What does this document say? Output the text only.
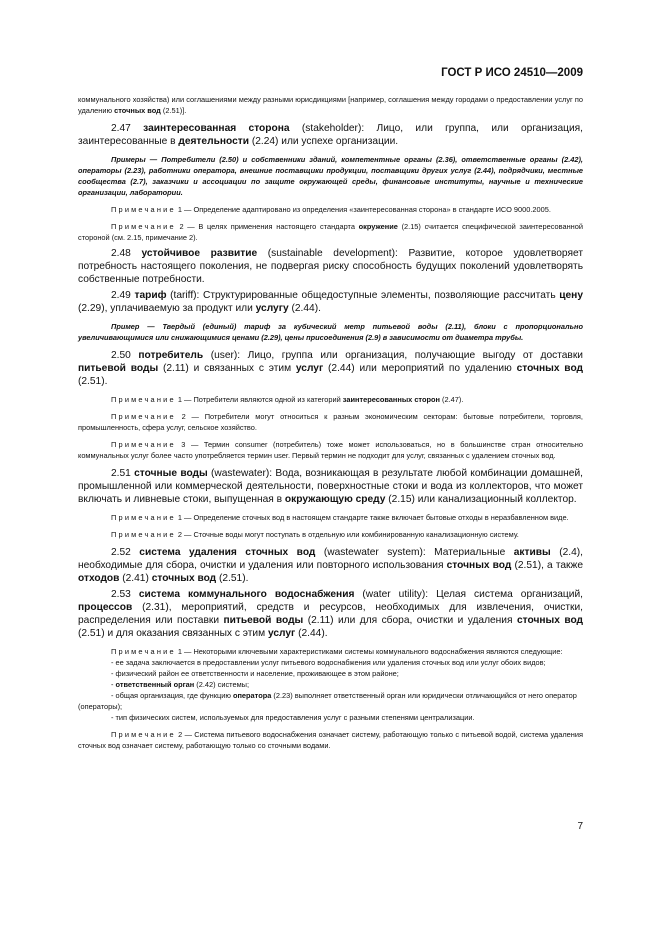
ГОСТ Р ИСО 24510—2009

коммунального хозяйства) или соглашениями между разными юрисдикциями [например, соглашения между городами о предоставлении услуг по удалению сточных вод (2.51)].

2.47 заинтересованная сторона (stakeholder): Лицо, или группа, или организация, заинтересованные в деятельности (2.24) или успехе организации.

Примеры — Потребители (2.50) и собственники зданий, компетентные органы (2.36), ответственные органы (2.42), операторы (2.23), работники оператора, внешние поставщики продукции, поставщики других услуг (2.44), подрядчики, местные сообщества (2.7), заказчики и ассоциации по защите окружающей среды, финансовые институты, научные и технические организации, лаборатории.

Примечание 1 — Определение адаптировано из определения «заинтересованная сторона» в стандарте ИСО 9000.2005.

Примечание 2 — В целях применения настоящего стандарта окружение (2.15) считается специфической заинтересованной стороной (см. 2.15, примечание 2).

2.48 устойчивое развитие (sustainable development): Развитие, которое удовлетворяет потребность настоящего поколения, не подвергая риску способность будущих поколений удовлетворять собственные потребности.

2.49 тариф (tariff): Структурированные общедоступные элементы, позволяющие рассчитать цену (2.29), уплачиваемую за продукт или услугу (2.44).

Пример — Твердый (единый) тариф за кубический метр питьевой воды (2.11), блоки с пропорционально увеличивающимися или снижающимися ценами (2.29), цены присоединения (2.9) в зависимости от диаметра трубы.

2.50 потребитель (user): Лицо, группа или организация, получающие выгоду от доставки питьевой воды (2.11) и связанных с этим услуг (2.44) или мероприятий по удалению сточных вод (2.51).

Примечание 1 — Потребители являются одной из категорий заинтересованных сторон (2.47).

Примечание 2 — Потребители могут относиться к разным экономическим секторам: бытовые потребители, торговля, промышленность, сфера услуг, сельское хозяйство.

Примечание 3 — Термин consumer (потребитель) тоже может использоваться, но в большинстве стран относительно коммунальных услуг более часто употребляется термин user. Первый термин не подходит для услуг, связанных с удалением сточных вод.

2.51 сточные воды (wastewater): Вода, возникающая в результате любой комбинации домашней, промышленной или коммерческой деятельности, поверхностные стоки и вода из коллекторов, что может включать и ливневые стоки, выпущенная в окружающую среду (2.15) или канализационный коллектор.

Примечание 1 — Определение сточных вод в настоящем стандарте также включает бытовые отходы в неразбавленном виде.

Примечание 2 — Сточные воды могут поступать в отдельную или комбинированную канализационную систему.

2.52 система удаления сточных вод (wastewater system): Материальные активы (2.4), необходимые для сбора, очистки и удаления или повторного использования сточных вод (2.51), а также отходов (2.41) сточных вод (2.51).

2.53 система коммунального водоснабжения (water utility): Целая система организаций, процессов (2.31), мероприятий, средств и ресурсов, необходимых для извлечения, очистки, распределения или поставки питьевой воды (2.11) или для сбора, очистки и удаления сточных вод (2.51) и для оказания связанных с этим услуг (2.44).

Примечание 1 — Некоторыми ключевыми характеристиками системы коммунального водоснабжения являются следующие:

- ее задача заключается в предоставлении услуг питьевого водоснабжения или удаления сточных вод или услуг обоих видов;

- физический район ее ответственности и население, проживающее в этом районе;

- ответственный орган (2.42) системы;

- общая организация, где функцию оператора (2.23) выполняет ответственный орган или юридически отличающийся от него оператор (операторы);

- тип физических систем, используемых для предоставления услуг с разными степенями централизации.

Примечание 2 — Система питьевого водоснабжения означает систему, работающую только с питьевой водой, система удаления сточных вод означает систему, работающую только со сточными водами.

7
